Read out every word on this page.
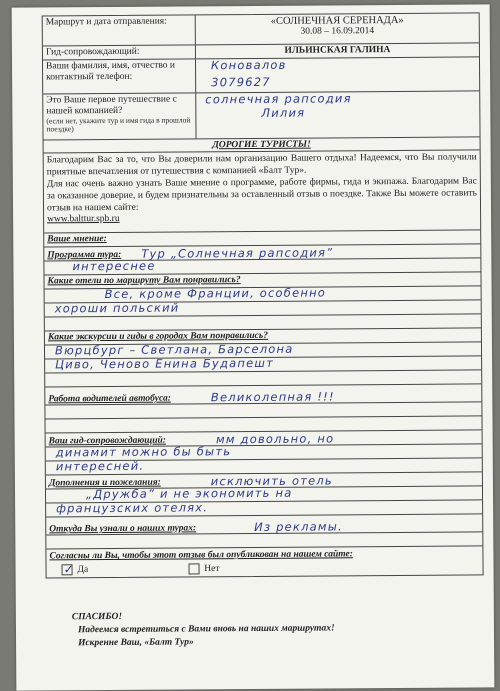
Маршрут и дата отправления:	«СОЛНЕЧНАЯ СЕРЕНАДА»
30.08 – 16.09.2014
Гид-сопровождающий:	ИЛЬИНСКАЯ ГАЛИНА
Ваши фамилия, имя, отчество и контактный телефон:
Коновалов
3079627
Это Ваше первое путешествие с нашей компанией?
(если нет, укажите тур и имя гида в прошлой поездке)
солнечная рапсодия
Лилия
ДОРОГИЕ ТУРИСТЫ!
Благодарим Вас за то, что Вы доверили нам организацию Вашего отдыха! Надеемся, что Вы получили приятные впечатления от путешествия с компанией «Балт Тур».
Для нас очень важно узнать Ваше мнение о программе, работе фирмы, гида и экипажа. Благодарим Вас за оказанное доверие, и будем признательны за оставленный отзыв о поездке. Также Вы можете оставить отзыв на нашем сайте:
www.balttur.spb.ru
Ваше мнение:
Программа тура: Тур „Солнечная рапсодия”
интереснее
Какие отели по маршруту Вам понравились?
Все, кроме Франции, особенно
хороши польский
Какие экскурсии и гиды в городах Вам понравились?
Вюрцбург – Светлана, Барселона
Циво, Ченово Енина Будапешт
Работа водителей автобуса:	Великолепная !!!
Ваш гид-сопровождающий:	мм довольно, но
динамит можно бы быть
интересней.
Дополнения и пожелания:	исключить отель
„Дружба” и не экономить на
французских отелях.
Откуда Вы узнали о наших турах:	Из рекламы.
Согласны ли Вы, чтобы этот отзыв был опубликован на нашем сайте:
✓ Да	Нет
СПАСИБО!
Надеемся встретиться с Вами вновь на наших маршрутах!
Искренне Ваш, «Балт Тур»
